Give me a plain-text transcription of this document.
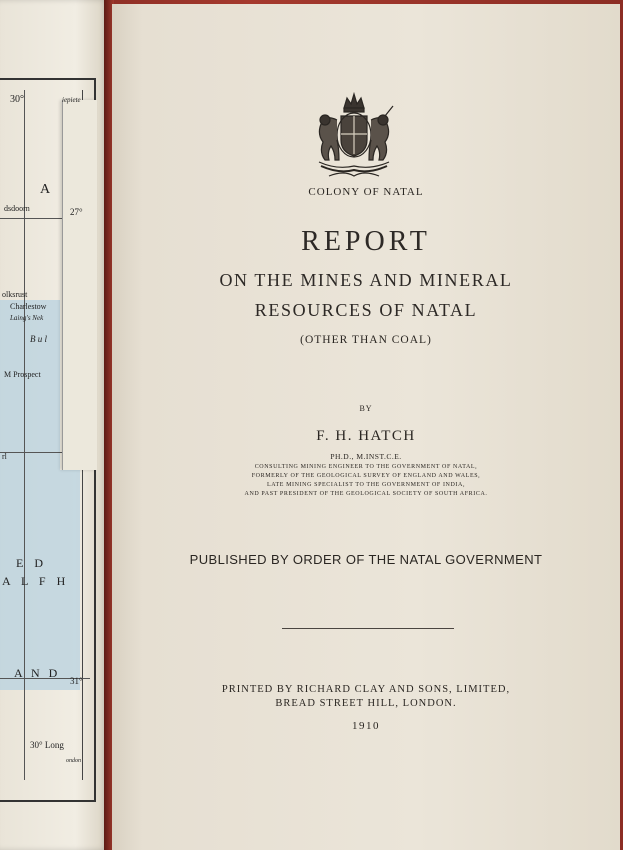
30°	iepiete
A
27°
dsdoorn
olksrust
Charlestow
Laing's Nek
B u l
M Prospect
rl
E D
A L F H
A N D
31°
30° Long
ondon
COLONY OF NATAL
REPORT
ON THE MINES AND MINERAL
RESOURCES OF NATAL
(OTHER THAN COAL)
BY
F. H. HATCH
PH.D., M.INST.C.E.
CONSULTING MINING ENGINEER TO THE GOVERNMENT OF NATAL,
FORMERLY OF THE GEOLOGICAL SURVEY OF ENGLAND AND WALES,
LATE MINING SPECIALIST TO THE GOVERNMENT OF INDIA,
AND PAST PRESIDENT OF THE GEOLOGICAL SOCIETY OF SOUTH AFRICA.
PUBLISHED BY ORDER OF THE NATAL GOVERNMENT
PRINTED BY RICHARD CLAY AND SONS, LIMITED,
BREAD STREET HILL, LONDON.
1910
